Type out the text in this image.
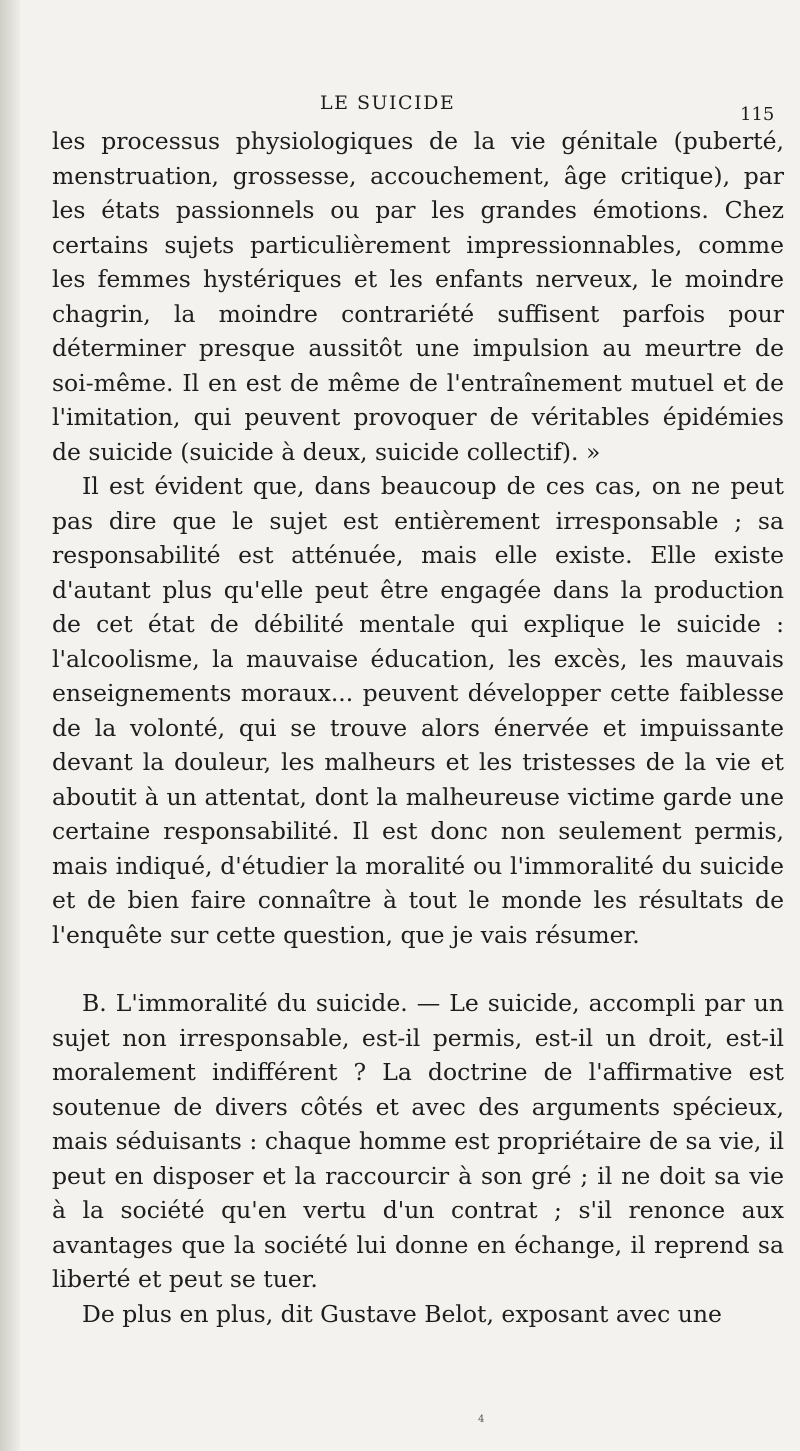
LE SUICIDE
115

les processus physiologiques de la vie génitale (puberté, menstruation, grossesse, accouchement, âge critique), par les états passionnels ou par les grandes émotions. Chez certains sujets particulièrement impressionnables, comme les femmes hystériques et les enfants nerveux, le moindre chagrin, la moindre contrariété suffisent parfois pour déterminer presque aussitôt une impulsion au meurtre de soi-même. Il en est de même de l'entraînement mutuel et de l'imitation, qui peuvent provoquer de véritables épidémies de suicide (suicide à deux, suicide collectif). »

Il est évident que, dans beaucoup de ces cas, on ne peut pas dire que le sujet est entièrement irresponsable ; sa responsabilité est atténuée, mais elle existe. Elle existe d'autant plus qu'elle peut être engagée dans la production de cet état de débilité mentale qui explique le suicide : l'alcoolisme, la mauvaise éducation, les excès, les mauvais enseignements moraux... peuvent développer cette faiblesse de la volonté, qui se trouve alors énervée et impuissante devant la douleur, les malheurs et les tristesses de la vie et aboutit à un attentat, dont la malheureuse victime garde une certaine responsabilité. Il est donc non seulement permis, mais indiqué, d'étudier la moralité ou l'immoralité du suicide et de bien faire connaître à tout le monde les résultats de l'enquête sur cette question, que je vais résumer.

B. L'immoralité du suicide. — Le suicide, accompli par un sujet non irresponsable, est-il permis, est-il un droit, est-il moralement indifférent ? La doctrine de l'affirmative est soutenue de divers côtés et avec des arguments spécieux, mais séduisants : chaque homme est propriétaire de sa vie, il peut en disposer et la raccourcir à son gré ; il ne doit sa vie à la société qu'en vertu d'un contrat ; s'il renonce aux avantages que la société lui donne en échange, il reprend sa liberté et peut se tuer.

De plus en plus, dit Gustave Belot, exposant avec une

4
